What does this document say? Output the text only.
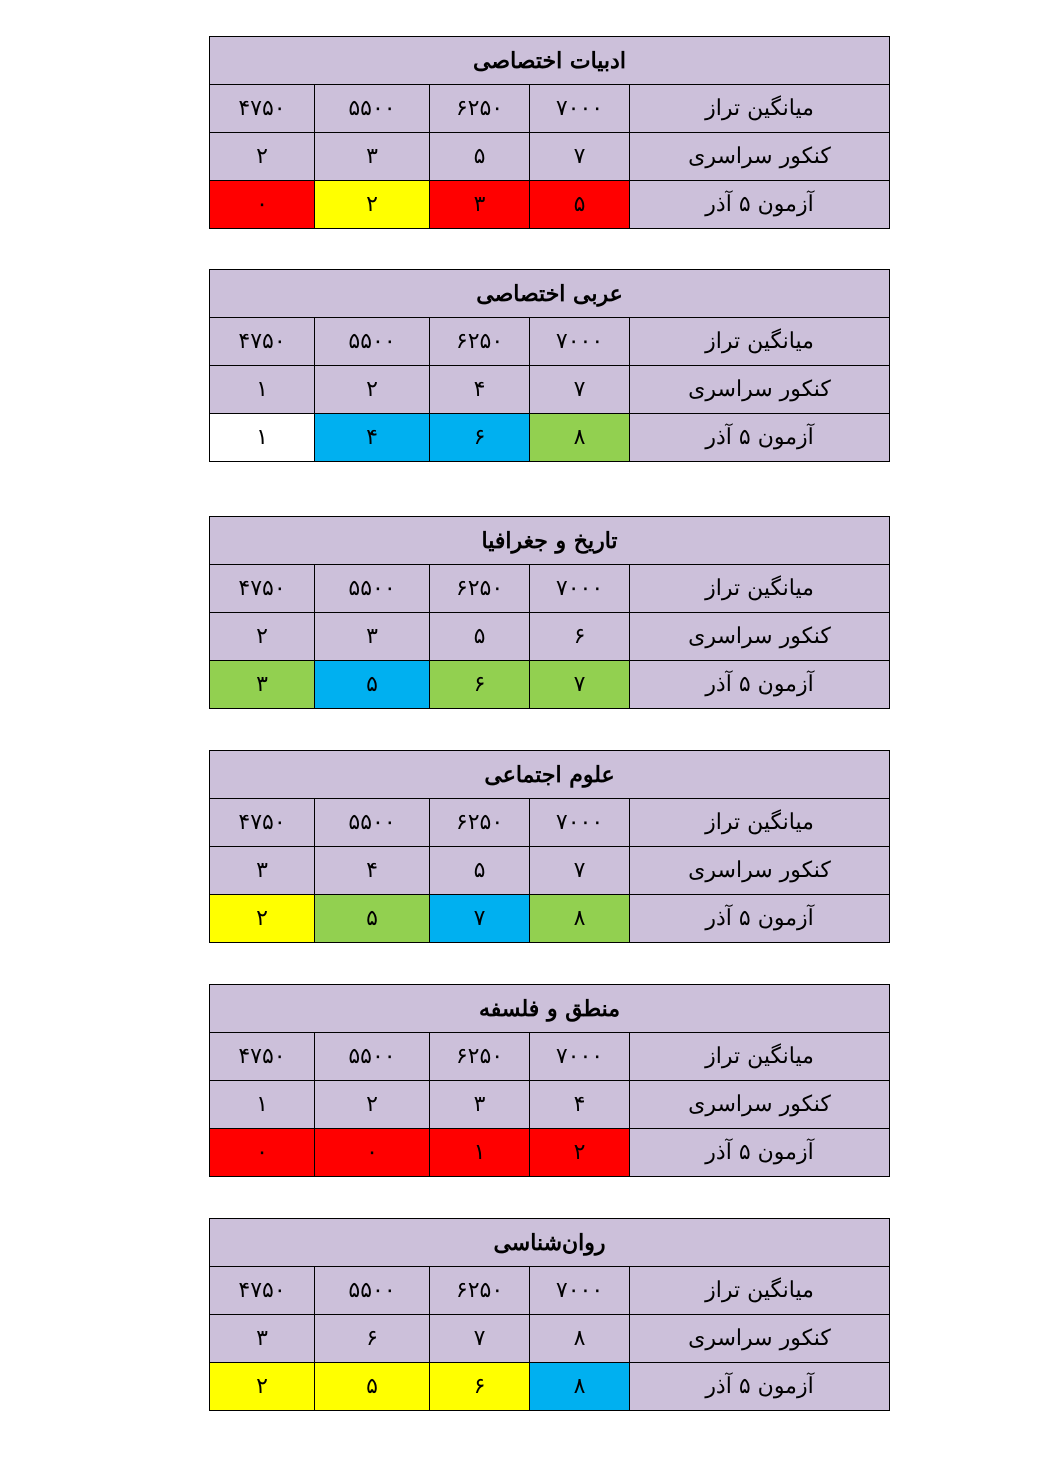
ادبیات اختصاصی				
میانگین تراز	۷۰۰۰	۶۲۵۰	۵۵۰۰	۴۷۵۰
کنکور سراسری	۷	۵	۳	۲
آزمون ۵ آذر	۵	۳	۲	۰
عربی اختصاصی				
میانگین تراز	۷۰۰۰	۶۲۵۰	۵۵۰۰	۴۷۵۰
کنکور سراسری	۷	۴	۲	۱
آزمون ۵ آذر	۸	۶	۴	۱
تاریخ و جغرافیا				
میانگین تراز	۷۰۰۰	۶۲۵۰	۵۵۰۰	۴۷۵۰
کنکور سراسری	۶	۵	۳	۲
آزمون ۵ آذر	۷	۶	۵	۳
علوم اجتماعی				
میانگین تراز	۷۰۰۰	۶۲۵۰	۵۵۰۰	۴۷۵۰
کنکور سراسری	۷	۵	۴	۳
آزمون ۵ آذر	۸	۷	۵	۲
منطق و فلسفه				
میانگین تراز	۷۰۰۰	۶۲۵۰	۵۵۰۰	۴۷۵۰
کنکور سراسری	۴	۳	۲	۱
آزمون ۵ آذر	۲	۱	۰	۰
روان‌شناسی				
میانگین تراز	۷۰۰۰	۶۲۵۰	۵۵۰۰	۴۷۵۰
کنکور سراسری	۸	۷	۶	۳
آزمون ۵ آذر	۸	۶	۵	۲
